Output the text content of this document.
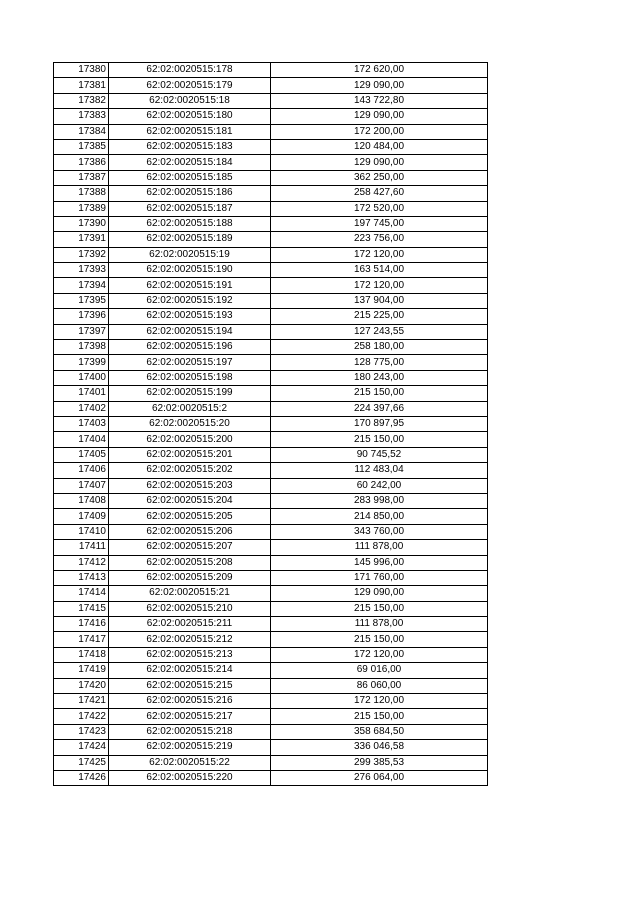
17380	62:02:0020515:178	172 620,00
17381	62:02:0020515:179	129 090,00
17382	62:02:0020515:18	143 722,80
17383	62:02:0020515:180	129 090,00
17384	62:02:0020515:181	172 200,00
17385	62:02:0020515:183	120 484,00
17386	62:02:0020515:184	129 090,00
17387	62:02:0020515:185	362 250,00
17388	62:02:0020515:186	258 427,60
17389	62:02:0020515:187	172 520,00
17390	62:02:0020515:188	197 745,00
17391	62:02:0020515:189	223 756,00
17392	62:02:0020515:19	172 120,00
17393	62:02:0020515:190	163 514,00
17394	62:02:0020515:191	172 120,00
17395	62:02:0020515:192	137 904,00
17396	62:02:0020515:193	215 225,00
17397	62:02:0020515:194	127 243,55
17398	62:02:0020515:196	258 180,00
17399	62:02:0020515:197	128 775,00
17400	62:02:0020515:198	180 243,00
17401	62:02:0020515:199	215 150,00
17402	62:02:0020515:2	224 397,66
17403	62:02:0020515:20	170 897,95
17404	62:02:0020515:200	215 150,00
17405	62:02:0020515:201	90 745,52
17406	62:02:0020515:202	112 483,04
17407	62:02:0020515:203	60 242,00
17408	62:02:0020515:204	283 998,00
17409	62:02:0020515:205	214 850,00
17410	62:02:0020515:206	343 760,00
17411	62:02:0020515:207	111 878,00
17412	62:02:0020515:208	145 996,00
17413	62:02:0020515:209	171 760,00
17414	62:02:0020515:21	129 090,00
17415	62:02:0020515:210	215 150,00
17416	62:02:0020515:211	111 878,00
17417	62:02:0020515:212	215 150,00
17418	62:02:0020515:213	172 120,00
17419	62:02:0020515:214	69 016,00
17420	62:02:0020515:215	86 060,00
17421	62:02:0020515:216	172 120,00
17422	62:02:0020515:217	215 150,00
17423	62:02:0020515:218	358 684,50
17424	62:02:0020515:219	336 046,58
17425	62:02:0020515:22	299 385,53
17426	62:02:0020515:220	276 064,00
